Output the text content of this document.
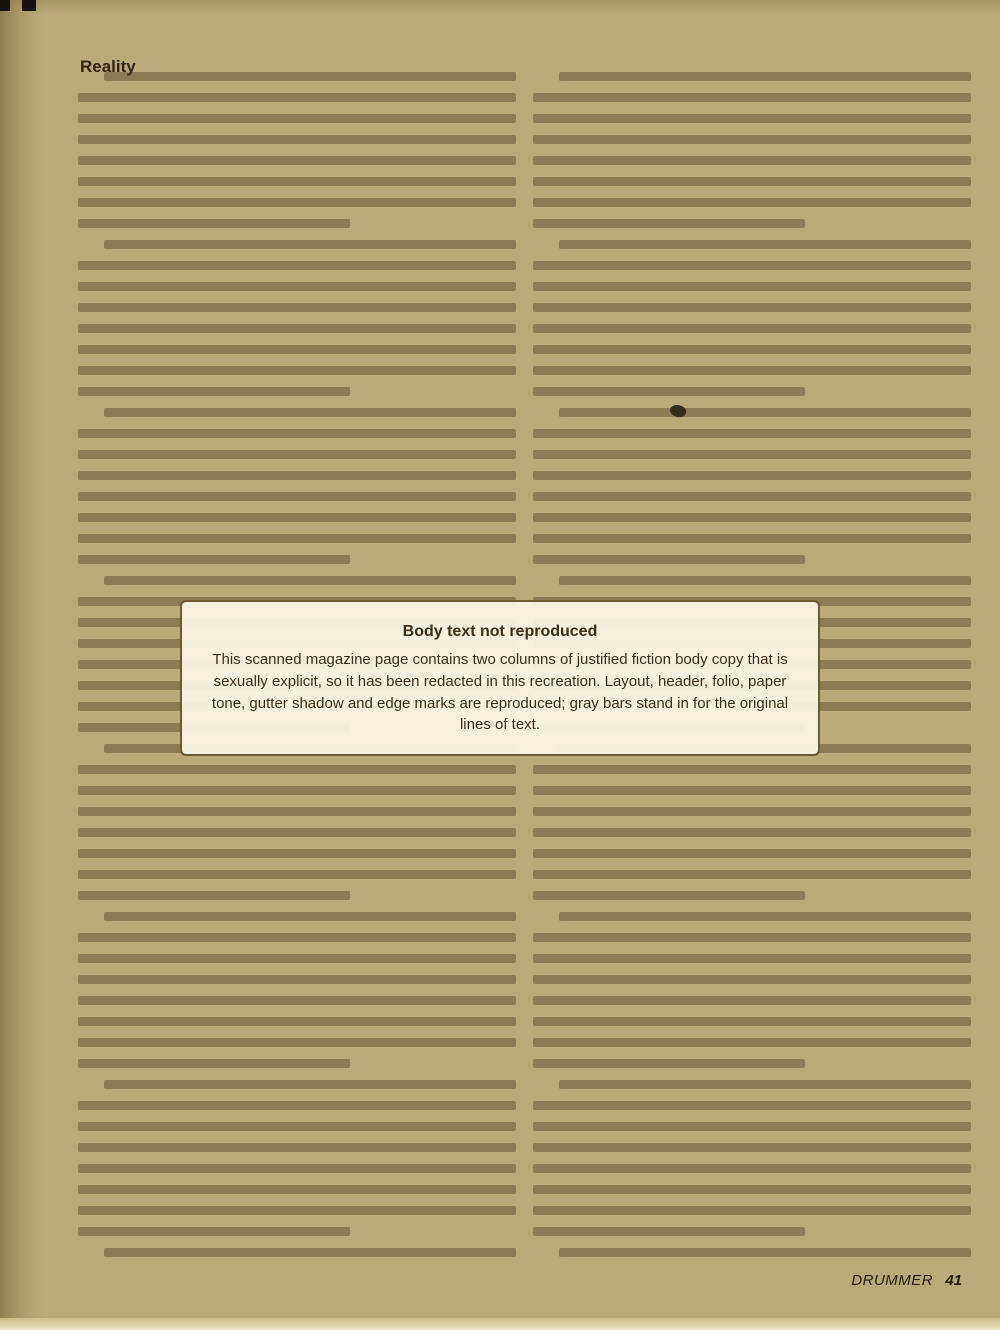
Reality
Body text not reproduced
This scanned magazine page contains two columns of justified fiction body copy that is sexually explicit, so it has been redacted in this recreation. Layout, header, folio, paper tone, gutter shadow and edge marks are reproduced; gray bars stand in for the original lines of text.
DRUMMER 41
